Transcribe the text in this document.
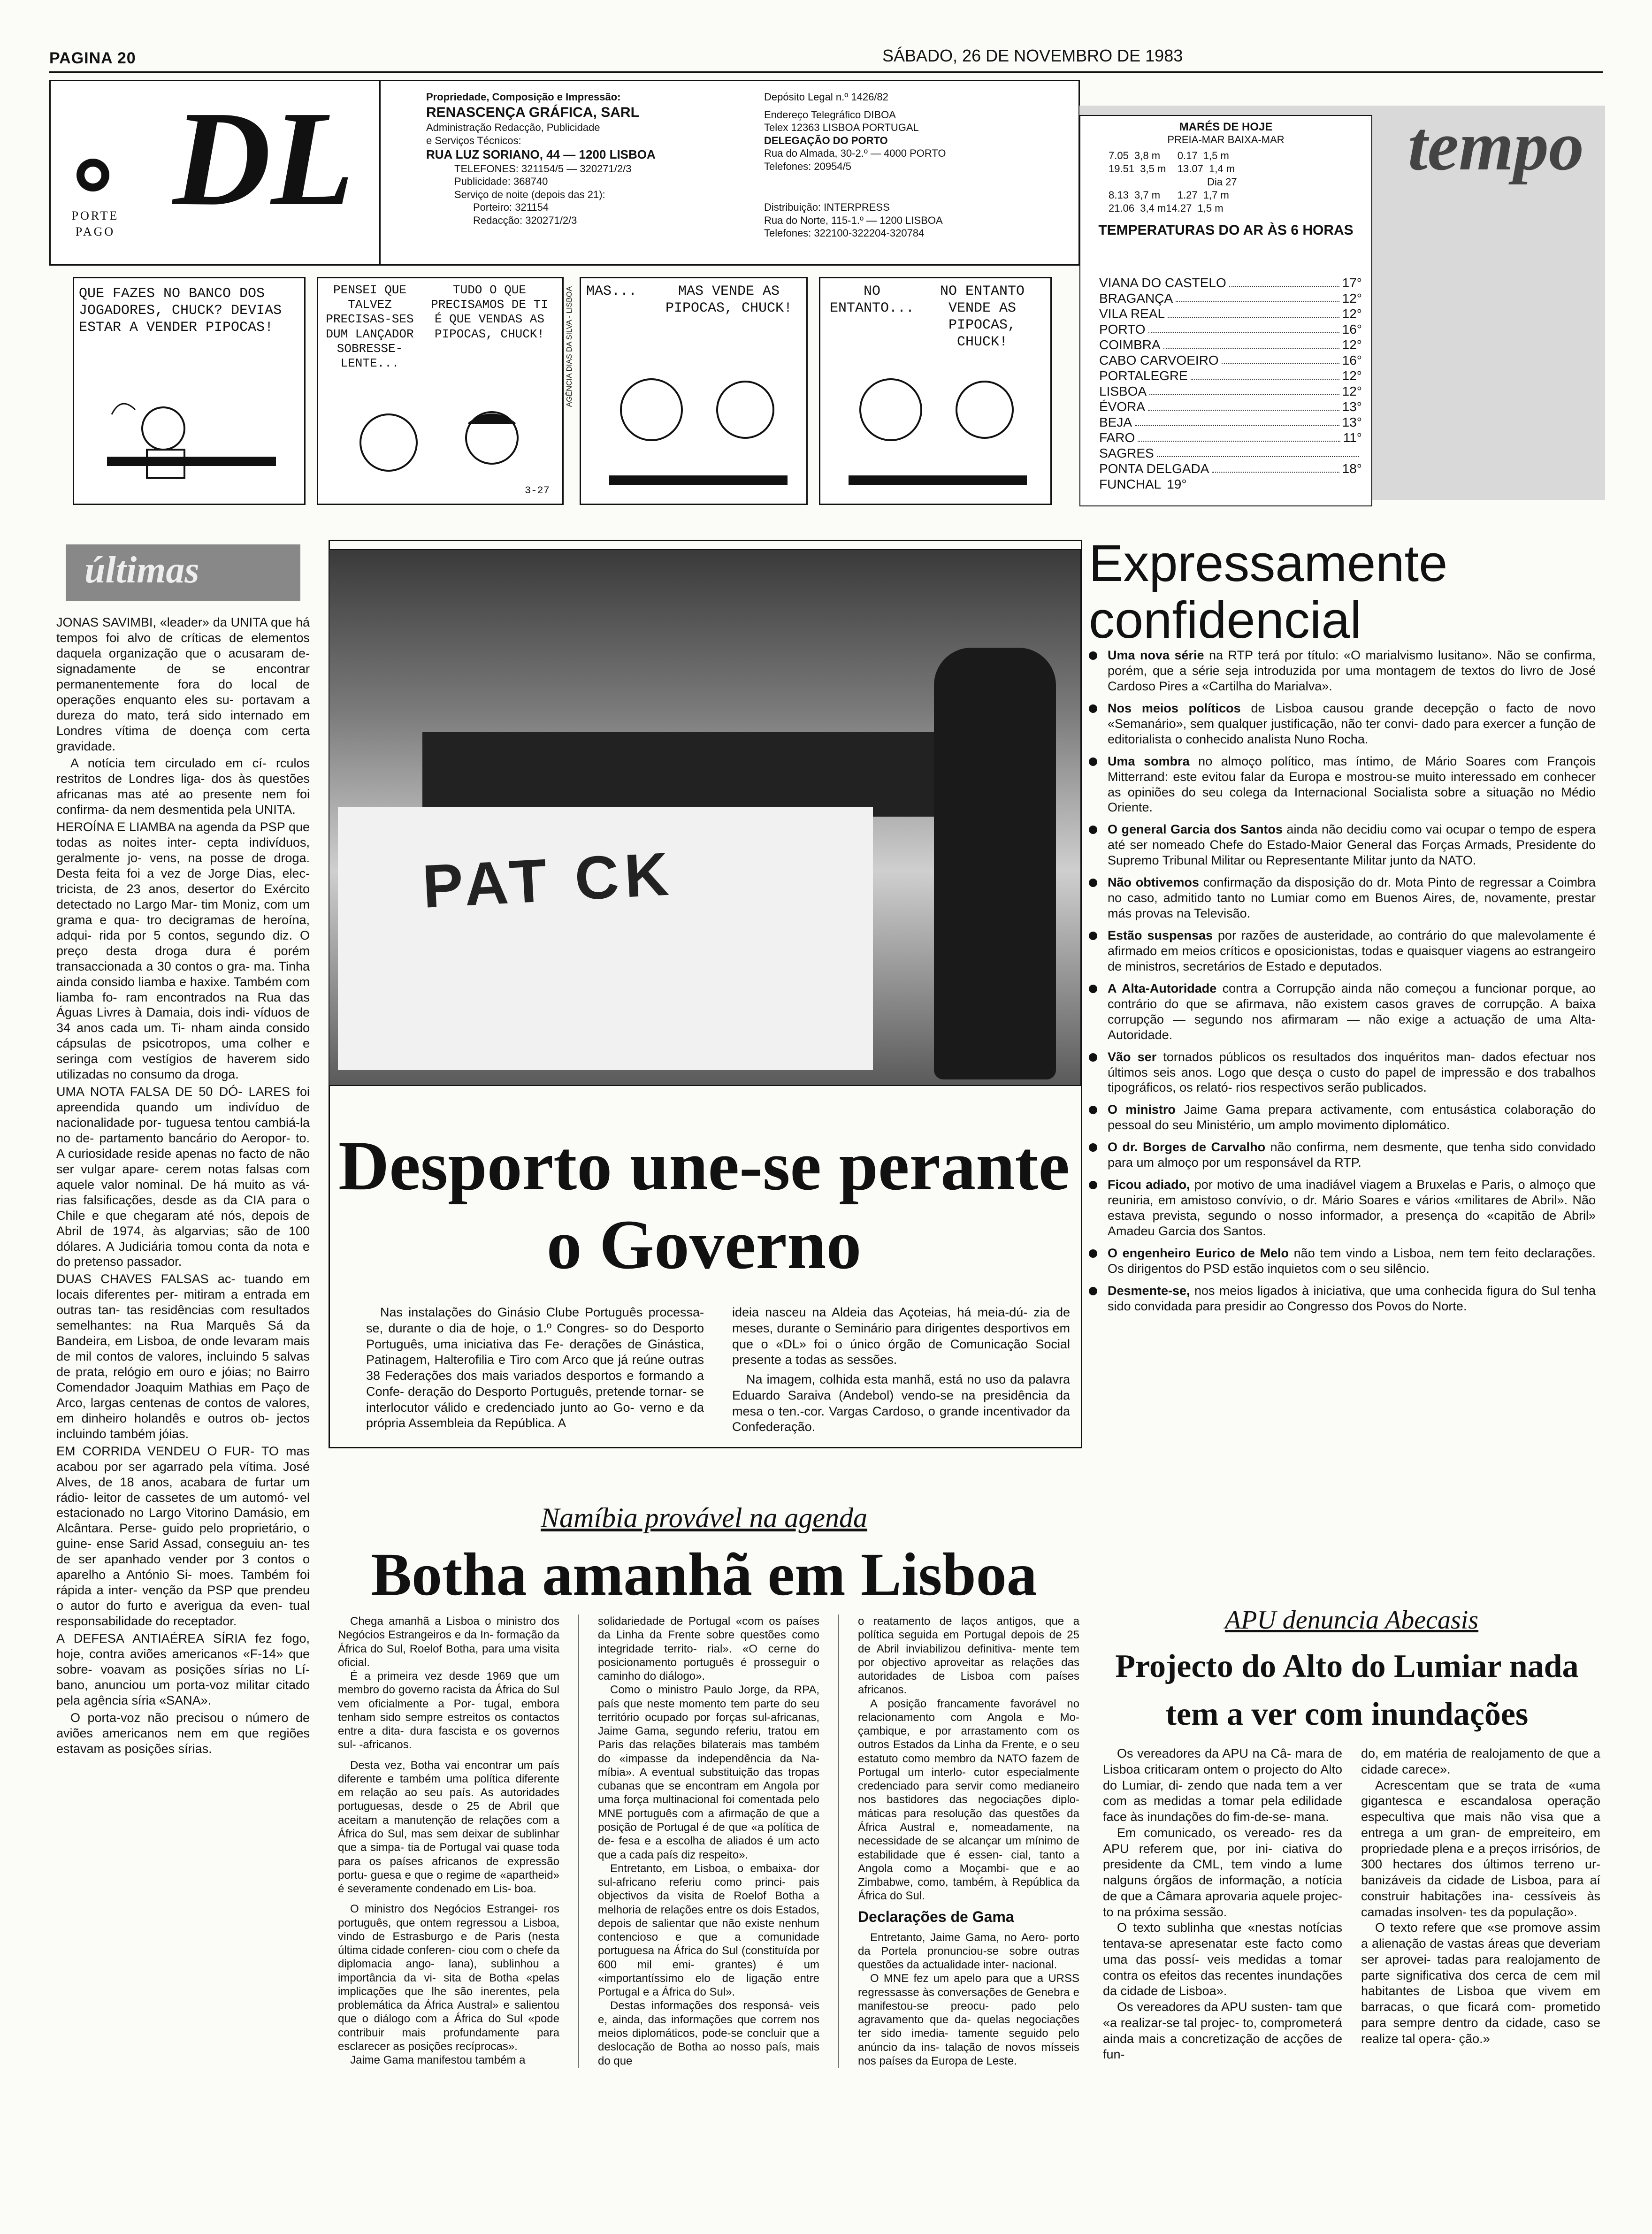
PAGINA 20	SÁBADO, 26 DE NOVEMBRO DE 1983
DL
PORTE PAGO
Propriedade, Composição e Impressão:
RENASCENÇA GRÁFICA, SARL
Administração Redacção, Publicidade
e Serviços Técnicos:
RUA LUZ SORIANO, 44 — 1200 LISBOA
TELEFONES: 321154/5 — 320271/2/3
Publicidade: 368740
Serviço de noite (depois das 21):
Porteiro: 321154
Redacção: 320271/2/3
Depósito Legal n.º 1426/82
Endereço Telegráfico DIBOA
Telex 12363 LISBOA PORTUGAL
DELEGAÇÃO DO PORTO
Rua do Almada, 30-2.º — 4000 PORTO
Telefones: 20954/5
Distribuição: INTERPRESS
Rua do Norte, 115-1.º — 1200 LISBOA
Telefones: 322100-322204-320784
tempo
MARÉS DE HOJE
PREIA-MAR BAIXA-MAR
7.05  3,8 m      0.17  1,5 m
19.51  3,5 m    13.07  1,4 m
Dia 27
8.13  3,7 m      1.27  1,7 m
21.06  3,4 m14.27  1,5 m
TEMPERATURAS DO AR ÀS 6 HORAS
VIANA DO CASTELO	17°
BRAGANÇA	12°
VILA REAL	12°
PORTO	16°
COIMBRA	12°
CABO CARVOEIRO	16°
PORTALEGRE	12°
LISBOA	12°
ÉVORA	13°
BEJA	13°
FARO	11°
SAGRES
PONTA DELGADA	18°
FUNCHAL 19°
QUE FAZES NO BANCO DOS JOGADORES, CHUCK? DEVIAS ESTAR A VENDER PIPOCAS!
PENSEI QUE TALVEZ PRECISAS-SES DUM LANÇADOR SOBRESSE-LENTE...
TUDO O QUE PRECISAMOS DE TI É QUE VENDAS AS PIPOCAS, CHUCK!
3-27
AGÊNCIA DIAS DA SILVA - LISBOA MAS...	MAS VENDE AS PIPOCAS, CHUCK!
NO ENTANTO...
NO ENTANTO VENDE AS PIPOCAS, CHUCK!
últimas

JONAS SAVIMBI, «leader» da UNITA que há tempos foi alvo de críticas de elementos daquela organização que o acusaram de- signadamente de se encontrar permanentemente fora do local de operações enquanto eles su- portavam a dureza do mato, terá sido internado em Londres vítima de doença com certa gravidade.

A notícia tem circulado em cí- rculos restritos de Londres liga- dos às questões africanas mas até ao presente nem foi confirma- da nem desmentida pela UNITA.

HEROÍNA E LIAMBA na agenda da PSP que todas as noites inter- cepta indivíduos, geralmente jo- vens, na posse de droga. Desta feita foi a vez de Jorge Dias, elec- tricista, de 23 anos, desertor do Exército detectado no Largo Mar- tim Moniz, com um grama e qua- tro decigramas de heroína, adqui- rida por 5 contos, segundo diz. O preço desta droga dura é porém transaccionada a 30 contos o gra- ma. Tinha ainda consido liamba e haxixe. Também com liamba fo- ram encontrados na Rua das Águas Livres à Damaia, dois indi- víduos de 34 anos cada um. Ti- nham ainda consido cápsulas de psicotropos, uma colher e seringa com vestígios de haverem sido utilizadas no consumo da droga.

UMA NOTA FALSA DE 50 DÓ- LARES foi apreendida quando um indivíduo de nacionalidade por- tuguesa tentou cambiá-la no de- partamento bancário do Aeropor- to. A curiosidade reside apenas no facto de não ser vulgar apare- cerem notas falsas com aquele valor nominal. De há muito as vá- rias falsificações, desde as da CIA para o Chile e que chegaram até nós, depois de Abril de 1974, às algarvias; são de 100 dólares. A Judiciária tomou conta da nota e do pretenso passador.

DUAS CHAVES FALSAS ac- tuando em locais diferentes per- mitiram a entrada em outras tan- tas residências com resultados semelhantes: na Rua Marquês Sá da Bandeira, em Lisboa, de onde levaram mais de mil contos de valores, incluindo 5 salvas de prata, relógio em ouro e jóias; no Bairro Comendador Joaquim Mathias em Paço de Arco, largas centenas de contos de valores, em dinheiro holandês e outros ob- jectos incluindo também jóias.

EM CORRIDA VENDEU O FUR- TO mas acabou por ser agarrado pela vítima. José Alves, de 18 anos, acabara de furtar um rádio- leitor de cassetes de um automó- vel estacionado no Largo Vitorino Damásio, em Alcântara. Perse- guido pelo proprietário, o guine- ense Sarid Assad, conseguiu an- tes de ser apanhado vender por 3 contos o aparelho a António Si- moes. Também foi rápida a inter- venção da PSP que prendeu o autor do furto e averigua da even- tual responsabilidade do receptador.

A DEFESA ANTIAÉREA SÍRIA fez fogo, hoje, contra aviões americanos «F-14» que sobre- voavam as posições sírias no Lí- bano, anunciou um porta-voz militar citado pela agência síria «SANA».

O porta-voz não precisou o número de aviões americanos nem em que regiões estavam as posições sírias.

PAT CK
Desporto une-se perante o Governo

Nas instalações do Ginásio Clube Português processa-se, durante o dia de hoje, o 1.º Congres- so do Desporto Português, uma iniciativa das Fe- derações de Ginástica, Patinagem, Halterofilia e Tiro com Arco que já reúne outras 38 Federações dos mais variados desportos e formando a Confe- deração do Desporto Português, pretende tornar- se interlocutor válido e credenciado junto ao Go- verno e da própria Assembleia da República. A

ideia nasceu na Aldeia das Açoteias, há meia-dú- zia de meses, durante o Seminário para dirigentes desportivos em que o «DL» foi o único órgão de Comunicação Social presente a todas as sessões.

Na imagem, colhida esta manhã, está no uso da palavra Eduardo Saraiva (Andebol) vendo-se na presidência da mesa o ten.-cor. Vargas Cardoso, o grande incentivador da Confederação.

Namíbia provável na agenda
Botha amanhã em Lisboa

Chega amanhã a Lisboa o ministro dos Negócios Estrangeiros e da In- formação da África do Sul, Roelof Botha, para uma visita oficial.

É a primeira vez desde 1969 que um membro do governo racista da África do Sul vem oficialmente a Por- tugal, embora tenham sido sempre estreitos os contactos entre a dita- dura fascista e os governos sul- -africanos.

Desta vez, Botha vai encontrar um país diferente e também uma política diferente em relação ao seu país. As autoridades portuguesas, desde o 25 de Abril que aceitam a manutenção de relações com a África do Sul, mas sem deixar de sublinhar que a simpa- tia de Portugal vai quase toda para os países africanos de expressão portu- guesa e que o regime de «apartheid» é severamente condenado em Lis- boa.

O ministro dos Negócios Estrangei- ros português, que ontem regressou a Lisboa, vindo de Estrasburgo e de Paris (nesta última cidade conferen- ciou com o chefe da diplomacia ango- lana), sublinhou a importância da vi- sita de Botha «pelas implicações que lhe são inerentes, pela problemática da África Austral» e salientou que o diálogo com a África do Sul «pode contribuir mais profundamente para esclarecer as posições recíprocas».

Jaime Gama manifestou também a

solidariedade de Portugal «com os países da Linha da Frente sobre questões como integridade territo- rial». «O cerne do posicionamento português é prosseguir o caminho do diálogo».

Como o ministro Paulo Jorge, da RPA, país que neste momento tem parte do seu território ocupado por forças sul-africanas, Jaime Gama, segundo referiu, tratou em Paris das relações bilaterais mas também do «impasse da independência da Na- míbia». A eventual substituição das tropas cubanas que se encontram em Angola por uma força multinacional foi comentada pelo MNE português com a afirmação de que a posição de Portugal é de que «a política de de- fesa e a escolha de aliados é um acto que a cada país diz respeito».

Entretanto, em Lisboa, o embaixa- dor sul-africano referiu como princi- pais objectivos da visita de Roelof Botha a melhoria de relações entre os dois Estados, depois de salientar que não existe nenhum contencioso e que a comunidade portuguesa na África do Sul (constituída por 600 mil emi- grantes) é um «importantíssimo elo de ligação entre Portugal e a África do Sul».

Destas informações dos responsá- veis e, ainda, das informações que correm nos meios diplomáticos, pode-se concluir que a deslocação de Botha ao nosso país, mais do que

o reatamento de laços antigos, que a política seguida em Portugal depois de 25 de Abril inviabilizou definitiva- mente tem por objectivo aproveitar as relações das autoridades de Lisboa com países africanos.

A posição francamente favorável no relacionamento com Angola e Mo- çambique, e por arrastamento com os outros Estados da Linha da Frente, e o seu estatuto como membro da NATO fazem de Portugal um interlo- cutor especialmente credenciado para servir como medianeiro nos bastidores das negociações diplo- máticas para resolução das questões da África Austral e, nomeadamente, na necessidade de se alcançar um mínimo de estabilidade que é essen- cial, tanto a Angola como a Moçambi- que e ao Zimbabwe, como, também, à República da África do Sul.

Declarações de Gama

Entretanto, Jaime Gama, no Aero- porto da Portela pronunciou-se sobre outras questões da actualidade inter- nacional.

O MNE fez um apelo para que a URSS regressasse às conversações de Genebra e manifestou-se preocu- pado pelo agravamento que da- quelas negociações ter sido imedia- tamente seguido pelo anúncio da ins- talação de novos mísseis nos países da Europa de Leste.

Expressamente confidencial
Uma nova série na RTP terá por título: «O marialvismo lusitano». Não se confirma, porém, que a série seja introduzida por uma montagem de textos do livro de José Cardoso Pires a «Cartilha do Marialva».
Nos meios políticos de Lisboa causou grande decepção o facto de novo «Semanário», sem qualquer justificação, não ter convi- dado para exercer a função de editorialista o conhecido analista Nuno Rocha.
Uma sombra no almoço político, mas íntimo, de Mário Soares com François Mitterrand: este evitou falar da Europa e mostrou-se muito interessado em conhecer as opiniões do seu colega da Internacional Socialista sobre a situação no Médio Oriente.
O general Garcia dos Santos ainda não decidiu como vai ocupar o tempo de espera até ser nomeado Chefe do Estado-Maior General das Forças Armads, Presidente do Supremo Tribunal Militar ou Representante Militar junto da NATO.
Não obtivemos confirmação da disposição do dr. Mota Pinto de regressar a Coimbra no caso, admitido tanto no Lumiar como em Buenos Aires, de, novamente, prestar más provas na Televisão.
Estão suspensas por razões de austeridade, ao contrário do que malevolamente é afirmado em meios críticos e oposicionistas, todas e quaisquer viagens ao estrangeiro de ministros, secretários de Estado e deputados.
A Alta-Autoridade contra a Corrupção ainda não começou a funcionar porque, ao contrário do que se afirmava, não existem casos graves de corrupção. A baixa corrupção — segundo nos afirmaram — não exige a actuação de uma Alta-Autoridade.
Vão ser tornados públicos os resultados dos inquéritos man- dados efectuar nos últimos seis anos. Logo que desça o custo do papel de impressão e dos trabalhos tipográficos, os relató- rios respectivos serão publicados.
O ministro Jaime Gama prepara activamente, com entusástica colaboração do pessoal do seu Ministério, um amplo movimento diplomático.
O dr. Borges de Carvalho não confirma, nem desmente, que tenha sido convidado para um almoço por um responsável da RTP.
Ficou adiado, por motivo de uma inadiável viagem a Bruxelas e Paris, o almoço que reuniria, em amistoso convívio, o dr. Mário Soares e vários «militares de Abril». Não estava prevista, segundo o nosso informador, a presença do «capitão de Abril» Amadeu Garcia dos Santos.
O engenheiro Eurico de Melo não tem vindo a Lisboa, nem tem feito declarações. Os dirigentos do PSD estão inquietos com o seu silêncio.
Desmente-se, nos meios ligados à iniciativa, que uma conhecida figura do Sul tenha sido convidada para presidir ao Congresso dos Povos do Norte.
APU denuncia Abecasis
Projecto do Alto do Lumiar nada tem a ver com inundações

Os vereadores da APU na Câ- mara de Lisboa criticaram ontem o projecto do Alto do Lumiar, di- zendo que nada tem a ver com as medidas a tomar pela edilidade face às inundações do fim-de-se- mana.

Em comunicado, os vereado- res da APU referem que, por ini- ciativa do presidente da CML, tem vindo a lume nalguns órgãos de informação, a notícia de que a Câmara aprovaria aquele projec- to na próxima sessão.

O texto sublinha que «nestas notícias tentava-se apresenatar este facto como uma das possí- veis medidas a tomar contra os efeitos das recentes inundações da cidade de Lisboa».

Os vereadores da APU susten- tam que «a realizar-se tal projec- to, comprometerá ainda mais a concretização de acções de fun-

do, em matéria de realojamento de que a cidade carece».

Acrescentam que se trata de «uma gigantesca e escandalosa operação especultiva que mais não visa que a entrega a um gran- de empreiteiro, em propriedade plena e a preços irrisórios, de 300 hectares dos últimos terreno ur- banizáveis da cidade de Lisboa, para aí construir habitações ina- cessíveis às camadas insolven- tes da população».

O texto refere que «se promove assim a alienação de vastas áreas que deveriam ser aprovei- tadas para realojamento de parte significativa dos cerca de cem mil habitantes de Lisboa que vivem em barracas, o que ficará com- prometido para sempre dentro da cidade, caso se realize tal opera- ção.»
